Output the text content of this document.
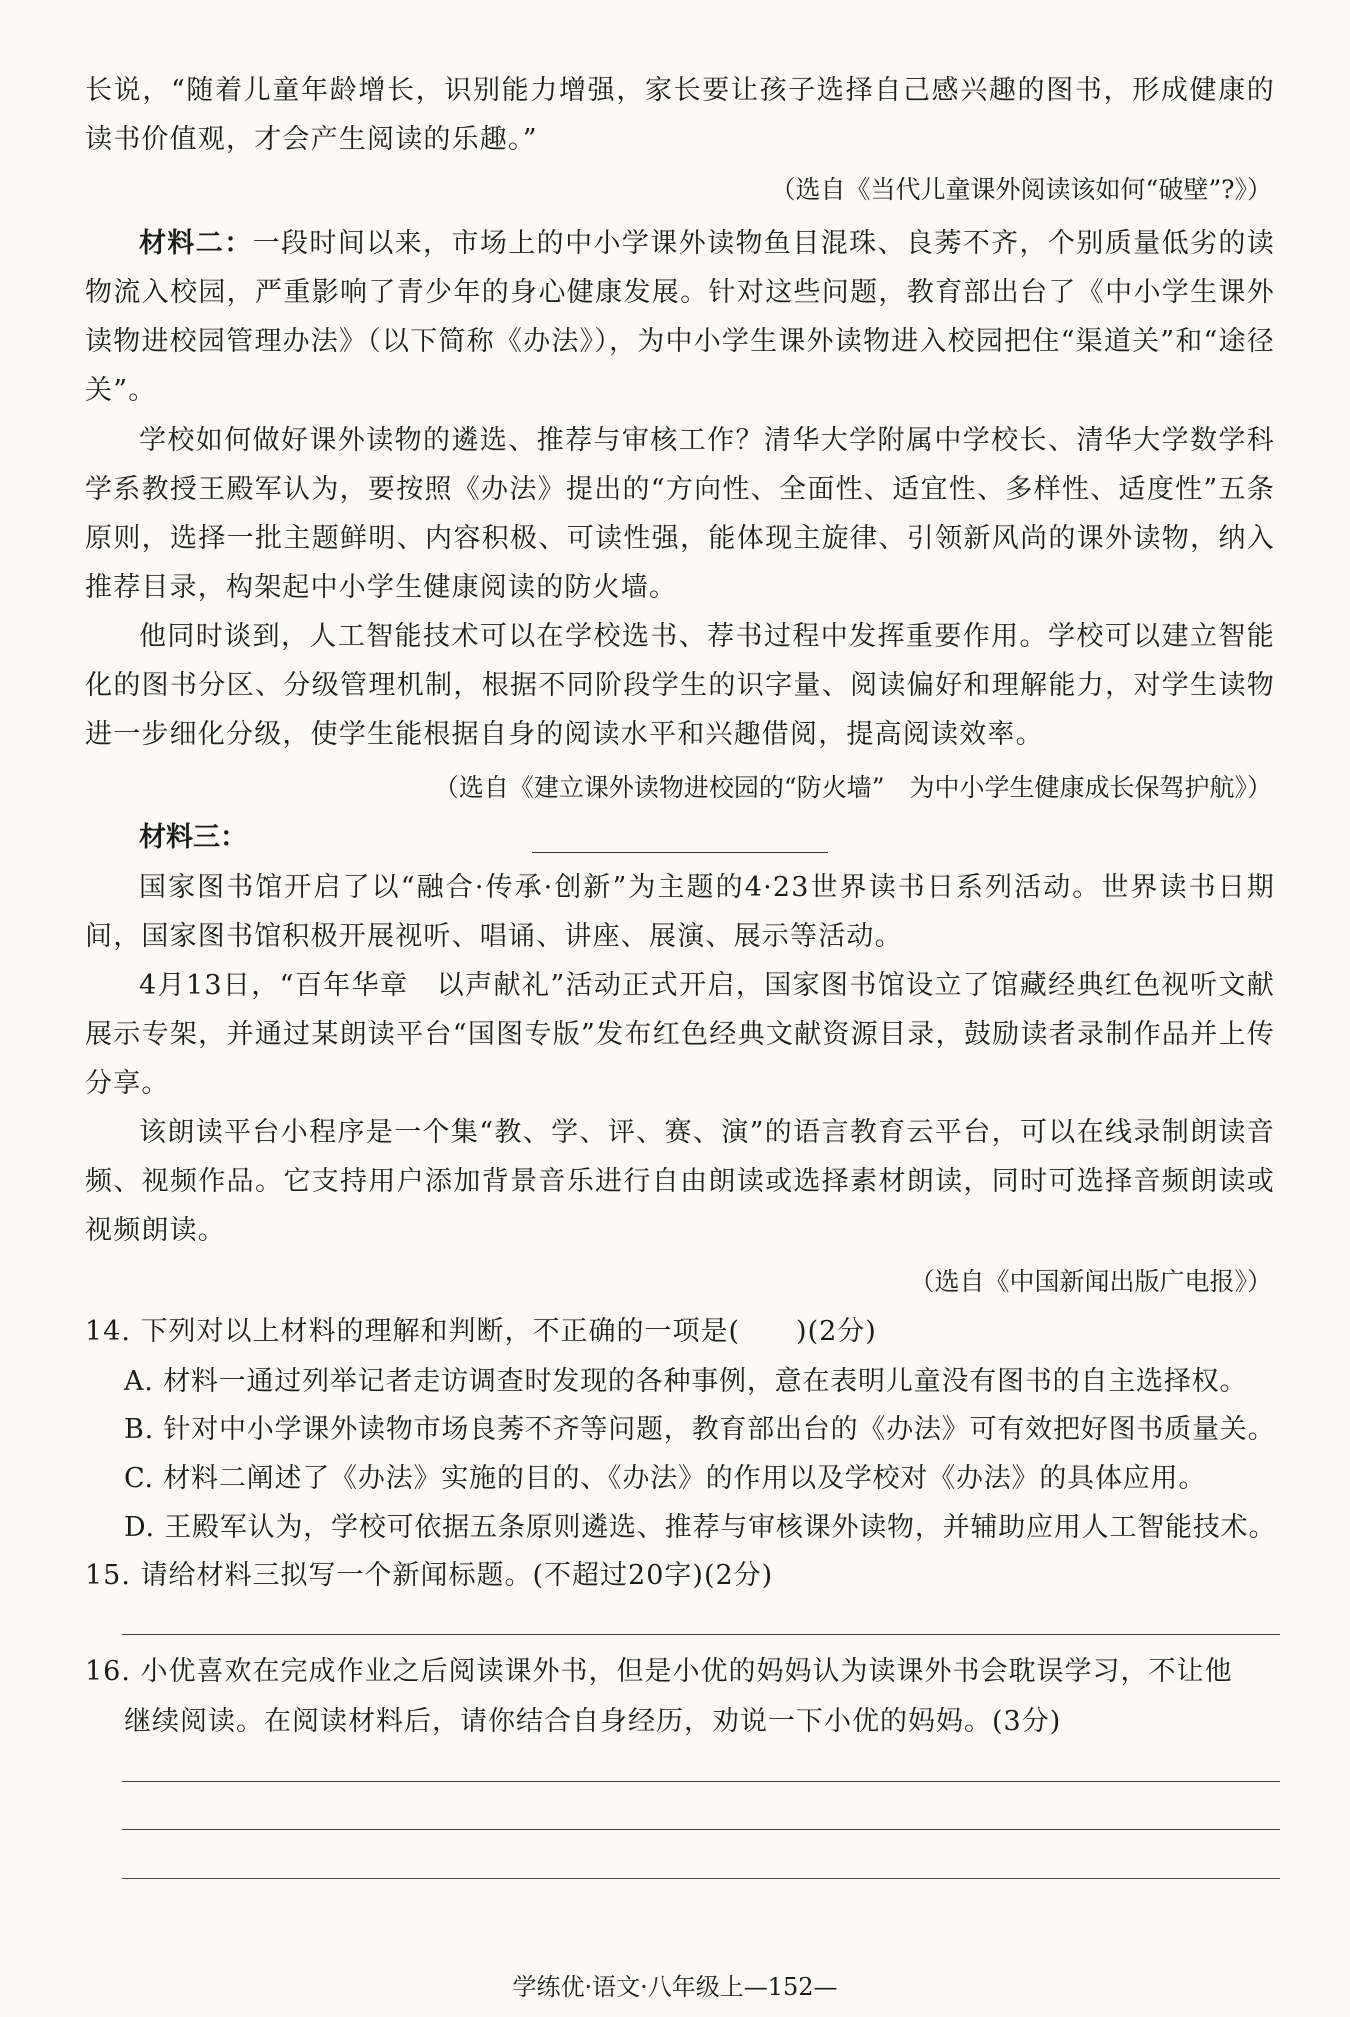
长说，“随着儿童年龄增长，识别能力增强，家长要让孩子选择自己感兴趣的图书，形成健康的读书价值观，才会产生阅读的乐趣。”

（选自《当代儿童课外阅读该如何“破壁”?》）

材料二：一段时间以来，市场上的中小学课外读物鱼目混珠、良莠不齐，个别质量低劣的读物流入校园，严重影响了青少年的身心健康发展。针对这些问题，教育部出台了《中小学生课外读物进校园管理办法》（以下简称《办法》），为中小学生课外读物进入校园把住“渠道关”和“途径关”。

学校如何做好课外读物的遴选、推荐与审核工作？清华大学附属中学校长、清华大学数学科学系教授王殿军认为，要按照《办法》提出的“方向性、全面性、适宜性、多样性、适度性”五条原则，选择一批主题鲜明、内容积极、可读性强，能体现主旋律、引领新风尚的课外读物，纳入推荐目录，构架起中小学生健康阅读的防火墙。

他同时谈到，人工智能技术可以在学校选书、荐书过程中发挥重要作用。学校可以建立智能化的图书分区、分级管理机制，根据不同阶段学生的识字量、阅读偏好和理解能力，对学生读物进一步细化分级，使学生能根据自身的阅读水平和兴趣借阅，提高阅读效率。

（选自《建立课外读物进校园的“防火墙”　为中小学生健康成长保驾护航》）

材料三：

国家图书馆开启了以“融合·传承·创新”为主题的4·23世界读书日系列活动。世界读书日期间，国家图书馆积极开展视听、唱诵、讲座、展演、展示等活动。

4月13日，“百年华章　以声献礼”活动正式开启，国家图书馆设立了馆藏经典红色视听文献展示专架，并通过某朗读平台“国图专版”发布红色经典文献资源目录，鼓励读者录制作品并上传分享。

该朗读平台小程序是一个集“教、学、评、赛、演”的语言教育云平台，可以在线录制朗读音频、视频作品。它支持用户添加背景音乐进行自由朗读或选择素材朗读，同时可选择音频朗读或视频朗读。

（选自《中国新闻出版广电报》）

14. 下列对以上材料的理解和判断，不正确的一项是(　　)(2分)

A. 材料一通过列举记者走访调查时发现的各种事例，意在表明儿童没有图书的自主选择权。

B. 针对中小学课外读物市场良莠不齐等问题，教育部出台的《办法》可有效把好图书质量关。

C. 材料二阐述了《办法》实施的目的、《办法》的作用以及学校对《办法》的具体应用。

D. 王殿军认为，学校可依据五条原则遴选、推荐与审核课外读物，并辅助应用人工智能技术。

15. 请给材料三拟写一个新闻标题。(不超过20字)(2分)

16. 小优喜欢在完成作业之后阅读课外书，但是小优的妈妈认为读课外书会耽误学习，不让他

继续阅读。在阅读材料后，请你结合自身经历，劝说一下小优的妈妈。(3分)

学练优·语文·八年级上—152—
